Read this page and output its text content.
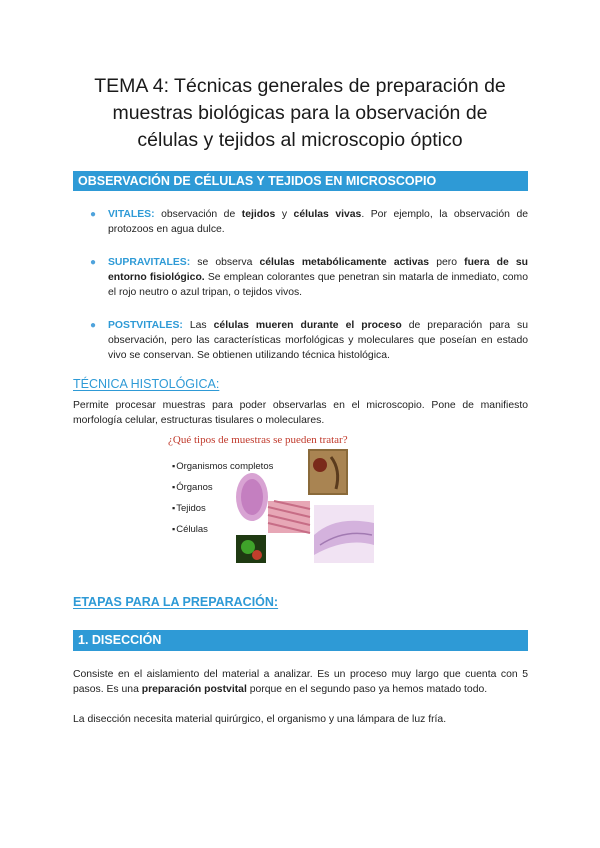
TEMA 4: Técnicas generales de preparación de
muestras biológicas para la observación de
células y tejidos al microscopio óptico
OBSERVACIÓN DE CÉLULAS Y TEJIDOS EN MICROSCOPIO
● VITALES: observación de tejidos y células vivas. Por ejemplo, la observación de protozoos en agua dulce.
● SUPRAVITALES: se observa células metabólicamente activas pero fuera de su entorno fisiológico. Se emplean colorantes que penetran sin matarla de inmediato, como el rojo neutro o azul tripan, o tejidos vivos.
● POSTVITALES: Las células mueren durante el proceso de preparación para su observación, pero las características morfológicas y moleculares que poseían en estado vivo se conservan. Se obtienen utilizando técnica histológica.
TÉCNICA HISTOLÓGICA:
Permite procesar muestras para poder observarlas en el microscopio. Pone de manifiesto morfología celular, estructuras tisulares o moleculares.
¿Qué tipos de muestras se pueden tratar?
▪ Organismos completos
▪ Órganos
▪ Tejidos
▪ Células
ETAPAS PARA LA PREPARACIÓN:
1. DISECCIÓN
Consiste en el aislamiento del material a analizar. Es un proceso muy largo que cuenta con 5 pasos. Es una preparación postvital porque en el segundo paso ya hemos matado todo.
La disección necesita material quirúrgico, el organismo y una lámpara de luz fría.
